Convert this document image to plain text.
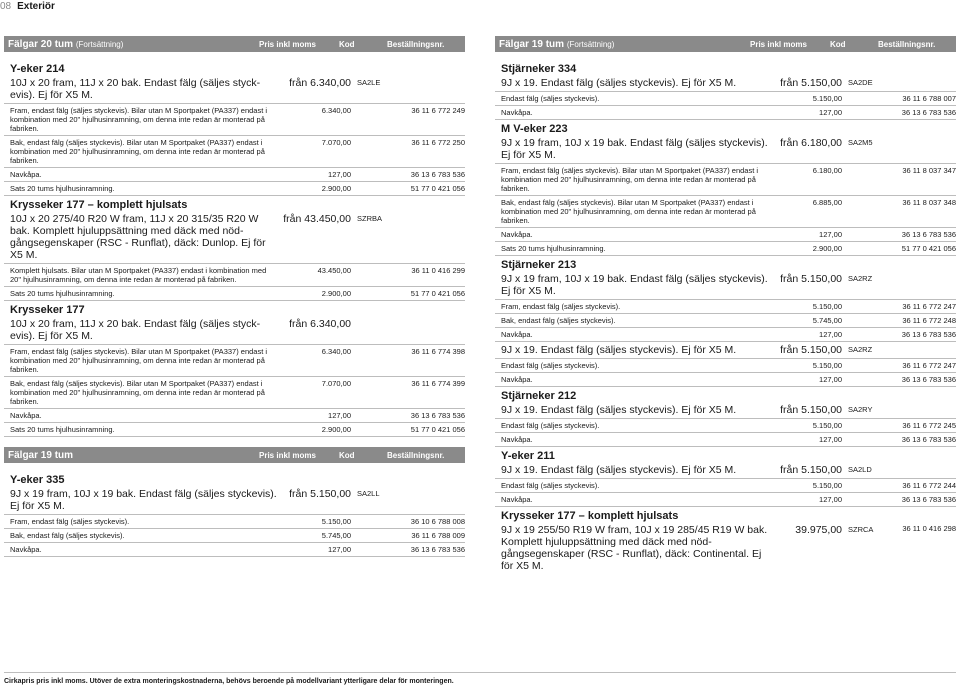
08 Exteriör
Fälgar 20 tum (Fortsättning)	Pris inkl moms	Kod	Beställningsnr.
Y-eker 214
10J x 20 fram, 11J x 20 bak. Endast fälg (säljes styckevis). Ej för X5 M.
från 6.340,00 SA2LE
Fram, endast fälg (säljes styckevis). Bilar utan M Sportpaket (PA337) endast i kombination med 20" hjulhusinramning, om denna inte redan är monterad på fabriken.
6.340,00	36 11 6 772 249
Bak, endast fälg (säljes styckevis). Bilar utan M Sportpaket (PA337) endast i kombination med 20" hjulhusinramning, om denna inte redan är monterad på fabriken.
7.070,00	36 11 6 772 250
Navkåpa.	127,00	36 13 6 783 536
Sats 20 tums hjulhusinramning.	2.900,00	51 77 0 421 056
Krysseker 177 – komplett hjulsats
10J x 20 275/40 R20 W fram, 11J x 20 315/35 R20 W bak. Komplett hjuluppsättning med däck med nödgångsegenskaper (RSC - Runflat), däck: Dunlop. Ej för X5 M.
från 43.450,00 SZRBA
Komplett hjulsats. Bilar utan M Sportpaket (PA337) endast i kombination med 20" hjulhusinramning, om denna inte redan är monterad på fabriken.
43.450,00	36 11 0 416 299
Sats 20 tums hjulhusinramning.	2.900,00	51 77 0 421 056
Krysseker 177
10J x 20 fram, 11J x 20 bak. Endast fälg (säljes styckevis). Ej för X5 M.
från 6.340,00
Fram, endast fälg (säljes styckevis). Bilar utan M Sportpaket (PA337) endast i kombination med 20" hjulhusinramning, om denna inte redan är monterad på fabriken.
6.340,00	36 11 6 774 398
Bak, endast fälg (säljes styckevis). Bilar utan M Sportpaket (PA337) endast i kombination med 20" hjulhusinramning, om denna inte redan är monterad på fabriken.
7.070,00	36 11 6 774 399
Navkåpa.	127,00	36 13 6 783 536
Sats 20 tums hjulhusinramning.	2.900,00	51 77 0 421 056
Fälgar 19 tum	Pris inkl moms	Kod	Beställningsnr.
Y-eker 335
9J x 19 fram, 10J x 19 bak. Endast fälg (säljes styckevis). Ej för X5 M.
från 5.150,00 SA2LL
Fram, endast fälg (säljes styckevis).	5.150,00	36 10 6 788 008
Bak, endast fälg (säljes styckevis).	5.745,00	36 11 6 788 009
Navkåpa.	127,00	36 13 6 783 536
Fälgar 19 tum (Fortsättning)	Pris inkl moms	Kod	Beställningsnr.
Stjärneker 334
9J x 19. Endast fälg (säljes styckevis). Ej för X5 M.	från 5.150,00 SA2DE
Endast fälg (säljes styckevis).	5.150,00	36 11 6 788 007
Navkåpa.	127,00	36 13 6 783 536
M V-eker 223
9J x 19 fram, 10J x 19 bak. Endast fälg (säljes styckevis). Ej för X5 M.
från 6.180,00 SA2M5
Fram, endast fälg (säljes styckevis). Bilar utan M Sportpaket (PA337) endast i kombination med 20" hjulhusinramning, om denna inte redan är monterad på fabriken.
6.180,00	36 11 8 037 347
Bak, endast fälg (säljes styckevis). Bilar utan M Sportpaket (PA337) endast i kombination med 20" hjulhusinramning, om denna inte redan är monterad på fabriken.
6.885,00	36 11 8 037 348
Navkåpa.	127,00	36 13 6 783 536
Sats 20 tums hjulhusinramning.	2.900,00	51 77 0 421 056
Stjärneker 213
9J x 19 fram, 10J x 19 bak. Endast fälg (säljes styckevis). Ej för X5 M.
från 5.150,00 SA2RZ
Fram, endast fälg (säljes styckevis).	5.150,00	36 11 6 772 247
Bak, endast fälg (säljes styckevis).	5.745,00	36 11 6 772 248
Navkåpa.	127,00	36 13 6 783 536
9J x 19. Endast fälg (säljes styckevis). Ej för X5 M.	från 5.150,00 SA2RZ
Endast fälg (säljes styckevis).	5.150,00	36 11 6 772 247
Navkåpa.	127,00	36 13 6 783 536
Stjärneker 212
9J x 19. Endast fälg (säljes styckevis). Ej för X5 M.	från 5.150,00 SA2RY
Endast fälg (säljes styckevis).	5.150,00	36 11 6 772 245
Navkåpa.	127,00	36 13 6 783 536
Y-eker 211
9J x 19. Endast fälg (säljes styckevis). Ej för X5 M.	från 5.150,00 SA2LD
Endast fälg (säljes styckevis).	5.150,00	36 11 6 772 244
Navkåpa.	127,00	36 13 6 783 536
Krysseker 177 – komplett hjulsats
9J x 19 255/50 R19 W fram, 10J x 19 285/45 R19 W bak. Komplett hjuluppsättning med däck med nödgångsegenskaper (RSC - Runflat), däck: Continental. Ej för X5 M.
39.975,00 SZRCA	36 11 0 416 298
Cirkapris pris inkl moms. Utöver de extra monteringskostnaderna, behövs beroende på modellvariant ytterligare delar för monteringen.
